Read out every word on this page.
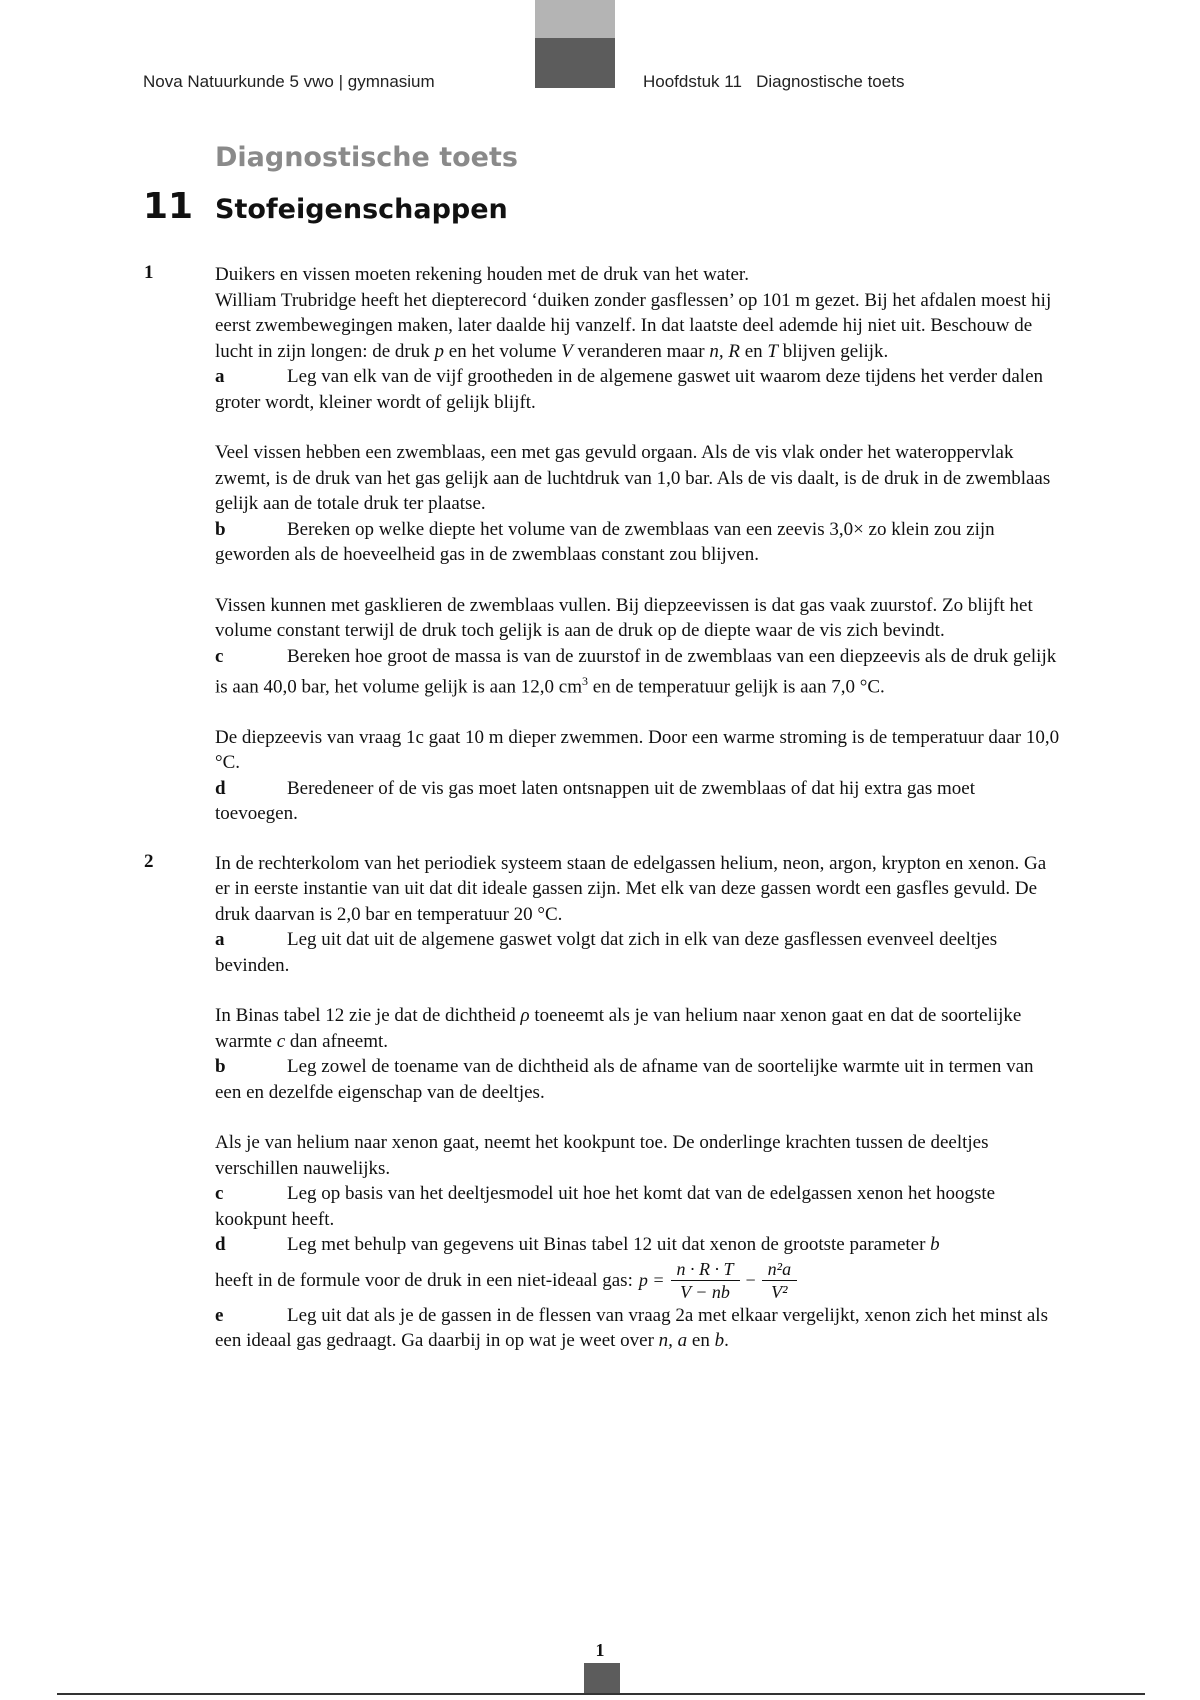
Nova Natuurkunde 5 vwo | gymnasium	Hoofdstuk 11   Diagnostische toets
Diagnostische toets
11 Stofeigenschappen
1	Duikers en vissen moeten rekening houden met de druk van het water.
William Trubridge heeft het diepterecord ‘duiken zonder gasflessen’ op 101 m gezet. Bij het afdalen moest hij eerst zwembewegingen maken, later daalde hij vanzelf. In dat laatste deel ademde hij niet uit. Beschouw de lucht in zijn longen: de druk p en het volume V veranderen maar n, R en T blijven gelijk.

a	Leg van elk van de vijf grootheden in de algemene gaswet uit waarom deze tijdens het verder dalen groter wordt, kleiner wordt of gelijk blijft.

Veel vissen hebben een zwemblaas, een met gas gevuld orgaan. Als de vis vlak onder het wateroppervlak zwemt, is de druk van het gas gelijk aan de luchtdruk van 1,0 bar. Als de vis daalt, is de druk in de zwemblaas gelijk aan de totale druk ter plaatse.

b	Bereken op welke diepte het volume van de zwemblaas van een zeevis 3,0× zo klein zou zijn geworden als de hoeveelheid gas in de zwemblaas constant zou blijven.

Vissen kunnen met gasklieren de zwemblaas vullen. Bij diepzeevissen is dat gas vaak zuurstof. Zo blijft het volume constant terwijl de druk toch gelijk is aan de druk op de diepte waar de vis zich bevindt.

c	Bereken hoe groot de massa is van de zuurstof in de zwemblaas van een diepzeevis als de druk gelijk is aan 40,0 bar, het volume gelijk is aan 12,0 $cm^3$ en de temperatuur gelijk is aan 7,0 °C.

De diepzeevis van vraag 1c gaat 10 m dieper zwemmen. Door een warme stroming is de temperatuur daar 10,0 °C.

d	Beredeneer of de vis gas moet laten ontsnappen uit de zwemblaas of dat hij extra gas moet toevoegen.

2	In de rechterkolom van het periodiek systeem staan de edelgassen helium, neon, argon, krypton en xenon. Ga er in eerste instantie van uit dat dit ideale gassen zijn. Met elk van deze gassen wordt een gasfles gevuld. De druk daarvan is 2,0 bar en temperatuur 20 °C.

a	Leg uit dat uit de algemene gaswet volgt dat zich in elk van deze gasflessen evenveel deeltjes bevinden.

In Binas tabel 12 zie je dat de dichtheid ρ toeneemt als je van helium naar xenon gaat en dat de soortelijke warmte c dan afneemt.

b	Leg zowel de toename van de dichtheid als de afname van de soortelijke warmte uit in termen van een en dezelfde eigenschap van de deeltjes.

Als je van helium naar xenon gaat, neemt het kookpunt toe. De onderlinge krachten tussen de deeltjes verschillen nauwelijks.

c	Leg op basis van het deeltjesmodel uit hoe het komt dat van de edelgassen xenon het hoogste kookpunt heeft.

d	Leg met behulp van gegevens uit Binas tabel 12 uit dat xenon de grootste parameter b

heeft in de formule voor de druk in een niet-ideaal gas: $p = \frac{n \cdot R \cdot T}{V - nb} - \frac{\text{n²a}}{\text{V²}}$

e	Leg uit dat als je de gassen in de flessen van vraag 2a met elkaar vergelijkt, xenon zich het minst als een ideaal gas gedraagt. Ga daarbij in op wat je weet over n, a en b.

1
